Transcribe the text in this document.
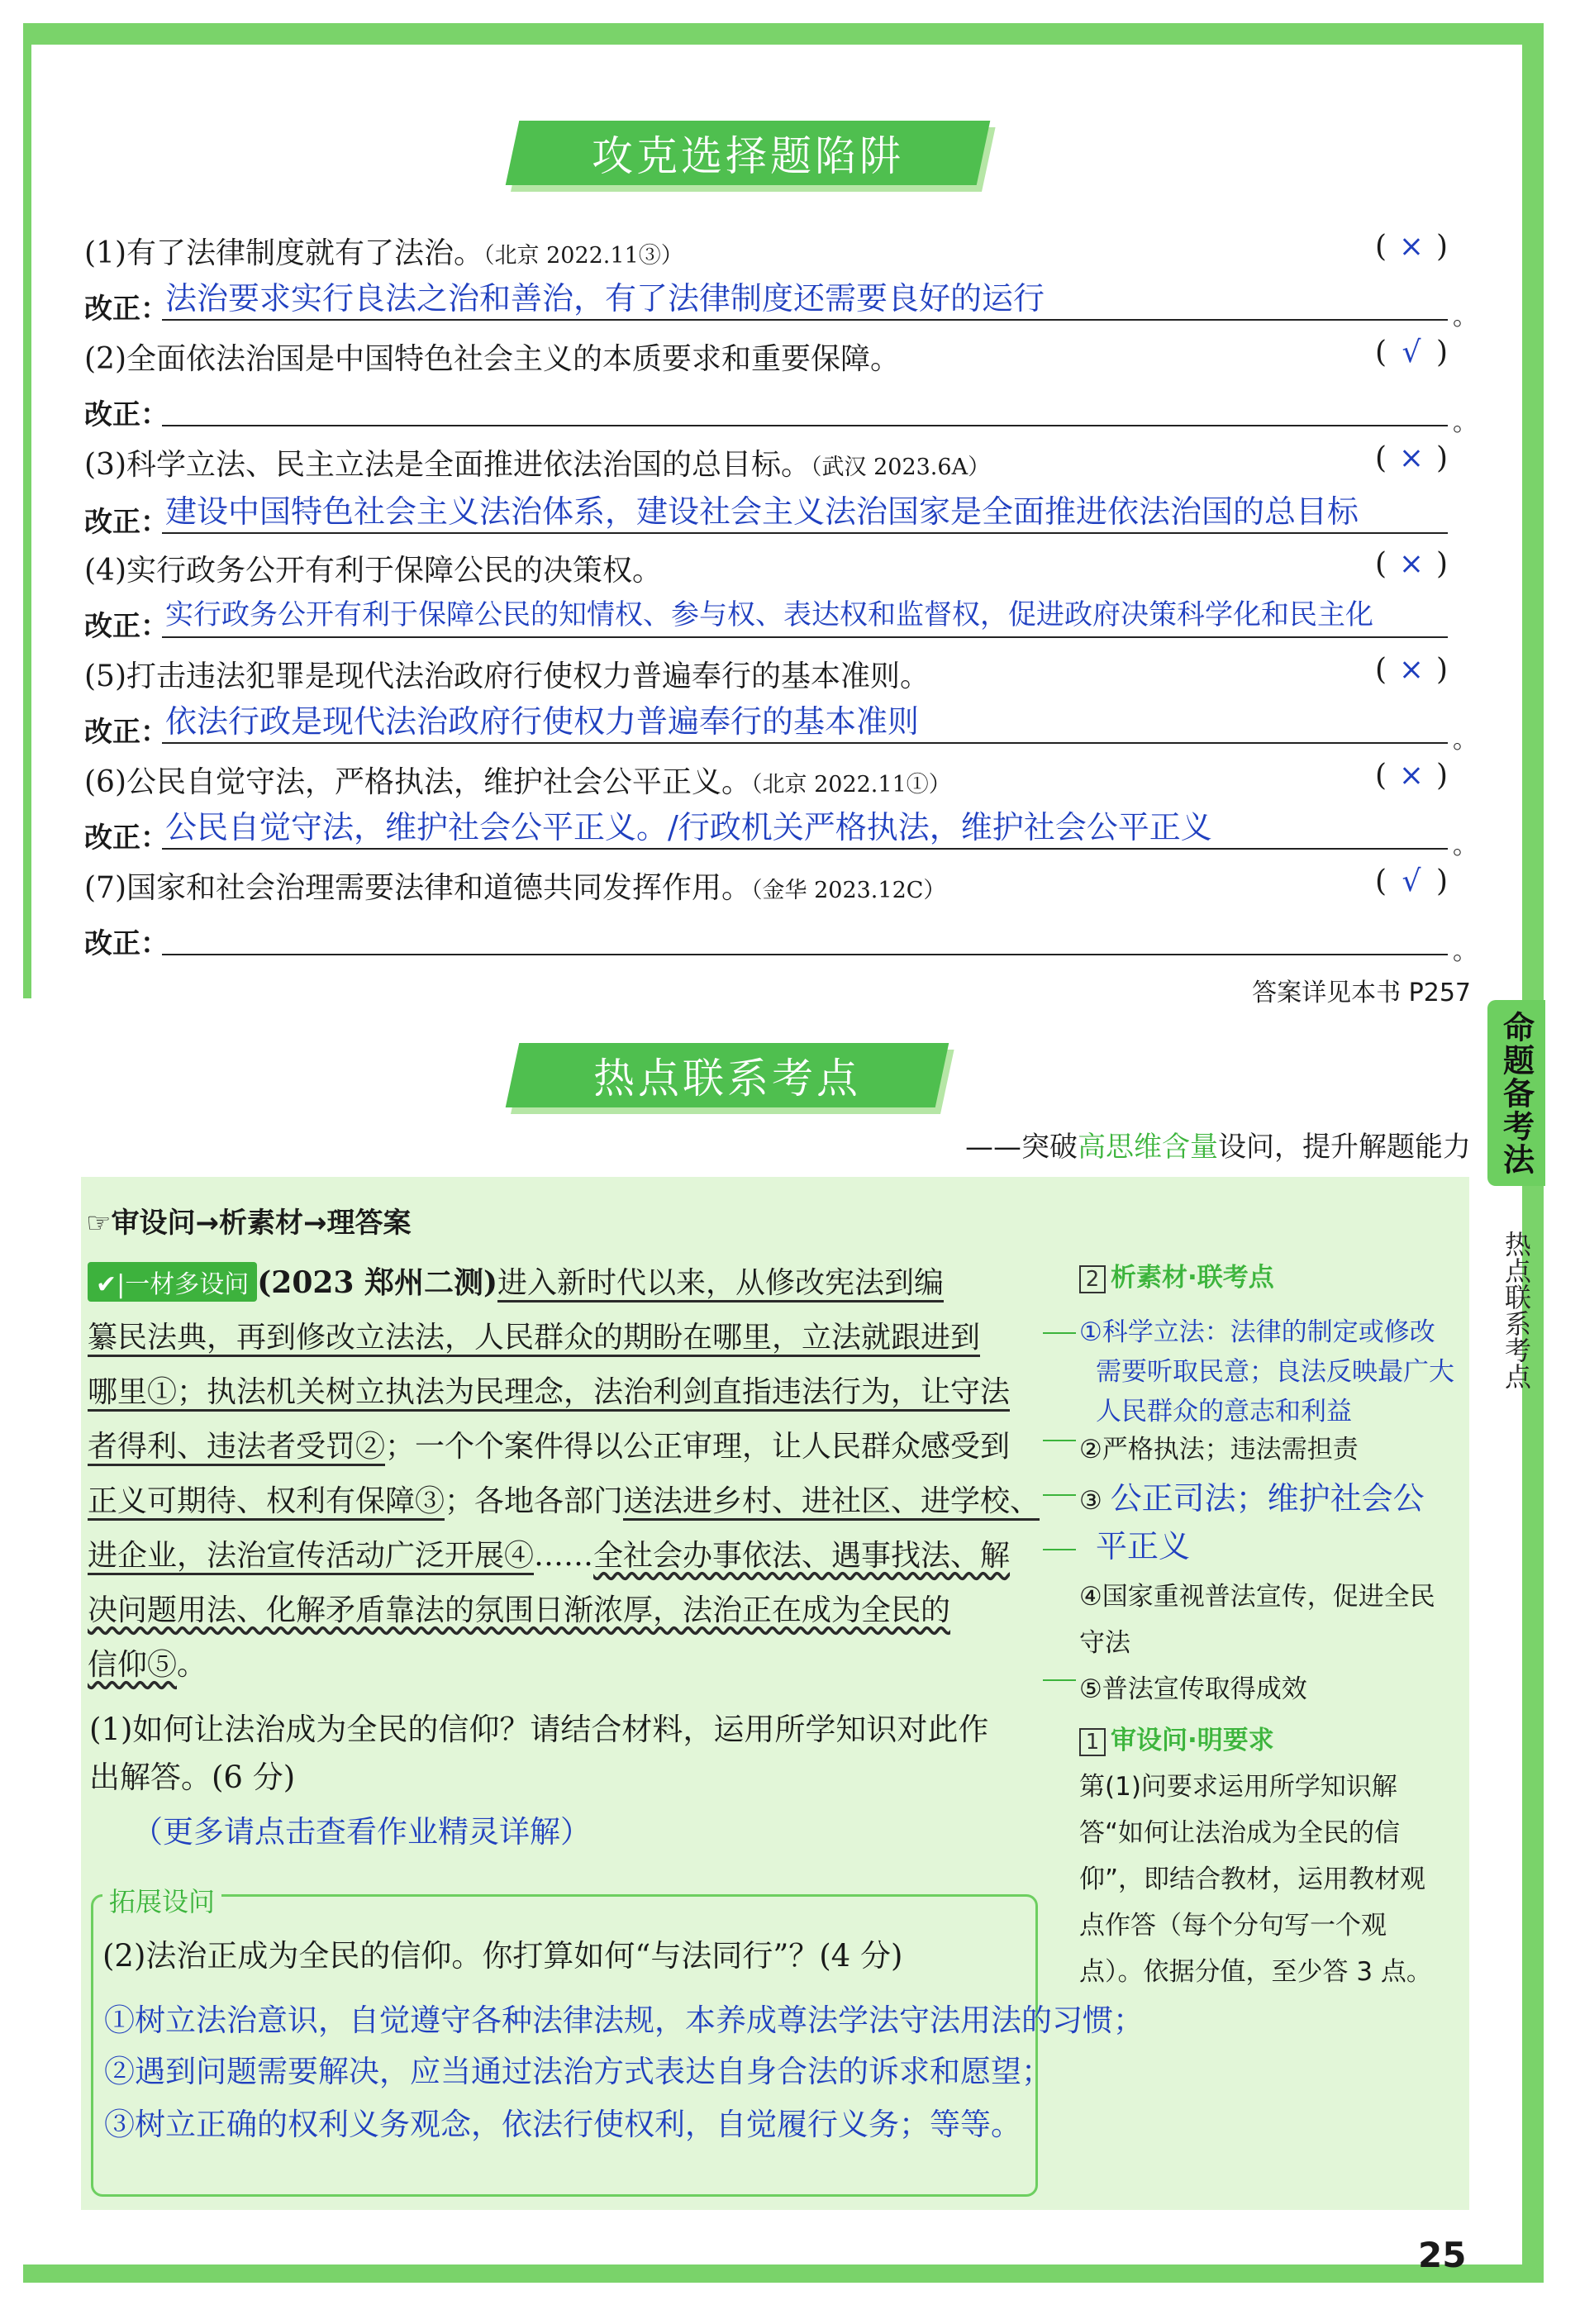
攻克选择题陷阱
(1)有了法律制度就有了法治。（北京 2022.11③）	( × )
改正：
法治要求实行良法之治和善治，有了法律制度还需要良好的运行
。
(2)全面依法治国是中国特色社会主义的本质要求和重要保障。	( √ )
改正：	。
(3)科学立法、民主立法是全面推进依法治国的总目标。（武汉 2023.6A）	( × )
改正：
建设中国特色社会主义法治体系，建设社会主义法治国家是全面推进依法治国的总目标
(4)实行政务公开有利于保障公民的决策权。	( × )
改正：
实行政务公开有利于保障公民的知情权、参与权、表达权和监督权，促进政府决策科学化和民主化
(5)打击违法犯罪是现代法治政府行使权力普遍奉行的基本准则。	( × )
改正：
依法行政是现代法治政府行使权力普遍奉行的基本准则
。
(6)公民自觉守法，严格执法，维护社会公平正义。（北京 2022.11①）	( × )
改正：
公民自觉守法，维护社会公平正义。/行政机关严格执法，维护社会公平正义
。
(7)国家和社会治理需要法律和道德共同发挥作用。（金华 2023.12C）	( √ )
改正：	。
答案详见本书 P257
命题备考法
热点联系考点
热点联系考点
——突破高思维含量设问，提升解题能力
☞审设问→析素材→理答案
✔|一材多设问 (2023 郑州二测)进入新时代以来，从修改宪法到编
纂民法典，再到修改立法法，人民群众的期盼在哪里，立法就跟进到
哪里①；执法机关树立执法为民理念，法治利剑直指违法行为，让守法
者得利、违法者受罚②；一个个案件得以公正审理，让人民群众感受到
正义可期待、权利有保障③；各地各部门送法进乡村、进社区、进学校、
进企业，法治宣传活动广泛开展④……全社会办事依法、遇事找法、解
决问题用法、化解矛盾靠法的氛围日渐浓厚，法治正在成为全民的
信仰⑤。
2 析素材·联考点
①科学立法：法律的制定或修改
需要听取民意；良法反映最广大
人民群众的意志和利益
②严格执法；违法需担责
③ 公正司法；维护社会公
平正义
④国家重视普法宣传，促进全民
守法
⑤普法宣传取得成效
1 审设问·明要求
第(1)问要求运用所学知识解
答“如何让法治成为全民的信
仰”，即结合教材，运用教材观
点作答（每个分句写一个观
点）。依据分值，至少答 3 点。
(1)如何让法治成为全民的信仰？请结合材料，运用所学知识对此作
出解答。(6 分)
（更多请点击查看作业精灵详解）
拓展设问
(2)法治正成为全民的信仰。你打算如何“与法同行”？(4 分)
①树立法治意识，自觉遵守各种法律法规，本养成尊法学法守法用法的习惯；
②遇到问题需要解决，应当通过法治方式表达自身合法的诉求和愿望；
③树立正确的权利义务观念，依法行使权利，自觉履行义务；等等。
25
